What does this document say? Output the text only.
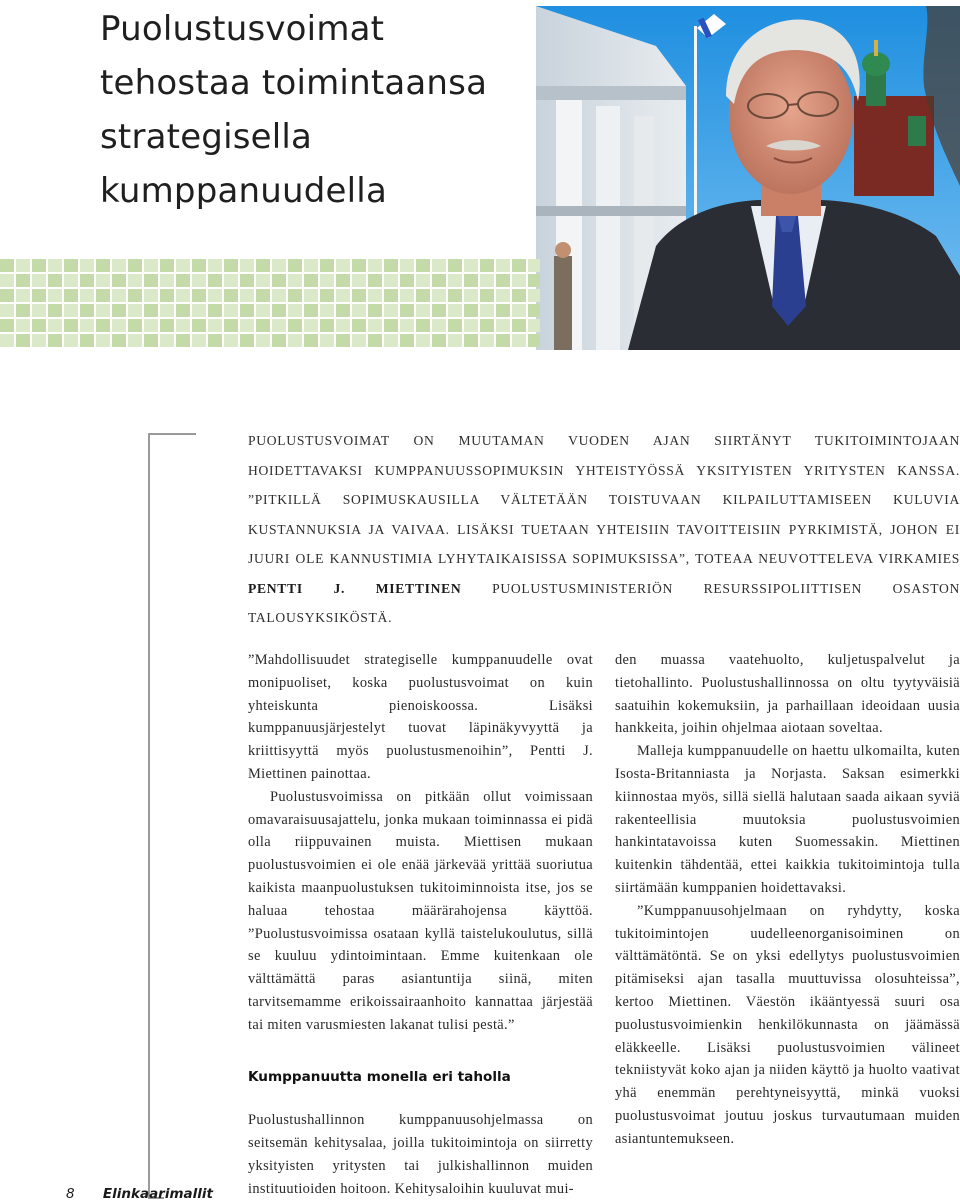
Puolustusvoimat
tehostaa toimintaansa
strategisella
kumppanuudella
PUOLUSTUSVOIMAT ON MUUTAMAN VUODEN AJAN SIIRTÄNYT TUKITOIMINTOJAAN HOIDETTAVAKSI KUMPPANUUSSOPIMUKSIN YHTEISTYÖSSÄ YKSITYISTEN YRITYSTEN KANSSA. ”PITKILLÄ SOPIMUSKAUSILLA VÄLTETÄÄN TOISTUVAAN KILPAILUTTAMISEEN KULUVIA KUSTANNUKSIA JA VAIVAA. LISÄKSI TUETAAN YHTEISIIN TAVOITTEISIIN PYRKIMISTÄ, JOHON EI JUURI OLE KANNUSTIMIA LYHYTAIKAISISSA SOPIMUKSISSA”, TOTEAA NEUVOTTELEVA VIRKAMIES PENTTI J. MIETTINEN PUOLUSTUSMINISTERIÖN RESURSSIPOLIITTISEN OSASTON TALOUSYKSIKÖSTÄ.

”Mahdollisuudet strategiselle kumppanuudelle ovat monipuoliset, koska puolustusvoimat on kuin yhteiskunta pienoiskoossa. Lisäksi kumppanuusjärjestelyt tuovat läpinäkyvyyttä ja kriittisyyttä myös puolustusmenoihin”, Pentti J. Miettinen painottaa.

Puolustusvoimissa on pitkään ollut voimissaan omavaraisuusajattelu, jonka mukaan toiminnassa ei pidä olla riippuvainen muista. Miettisen mukaan puolustusvoimien ei ole enää järkevää yrittää suoriutua kaikista maanpuolustuksen tukitoiminnoista itse, jos se haluaa tehostaa määrärahojensa käyttöä. ”Puolustusvoimissa osataan kyllä taistelukoulutus, sillä se kuuluu ydintoimintaan. Emme kuitenkaan ole välttämättä paras asiantuntija siinä, miten tarvitsemamme erikoissairaanhoito kannattaa järjestää tai miten varusmiesten lakanat tulisi pestä.”

Kumppanuutta monella eri taholla

Puolustushallinnon kumppanuusohjelmassa on seitsemän kehitysalaa, joilla tukitoimintoja on siirretty yksityisten yritysten tai julkishallinnon muiden instituutioiden hoitoon. Kehitysaloihin kuuluvat mui-

den muassa vaatehuolto, kuljetuspalvelut ja tietohallinto. Puolustushallinnossa on oltu tyytyväisiä saatuihin kokemuksiin, ja parhaillaan ideoidaan uusia hankkeita, joihin ohjelmaa aiotaan soveltaa.

Malleja kumppanuudelle on haettu ulkomailta, kuten Isosta-Britanniasta ja Norjasta. Saksan esimerkki kiinnostaa myös, sillä siellä halutaan saada aikaan syviä rakenteellisia muutoksia puolustusvoimien hankintatavoissa kuten Suomessakin. Miettinen kuitenkin tähdentää, ettei kaikkia tukitoimintoja tulla siirtämään kumppanien hoidettavaksi.

”Kumppanuusohjelmaan on ryhdytty, koska tukitoimintojen uudelleenorganisoiminen on välttämätöntä. Se on yksi edellytys puolustusvoimien pitämiseksi ajan tasalla muuttuvissa olosuhteissa”, kertoo Miettinen. Väestön ikääntyessä suuri osa puolustusvoimienkin henkilökunnasta on jäämässä eläkkeelle. Lisäksi puolustusvoimien välineet tekniistyvät koko ajan ja niiden käyttö ja huolto vaativat yhä enemmän perehtyneisyyttä, minkä vuoksi puolustusvoimat joutuu joskus turvautumaan muiden asiantuntemukseen.

8 Elinkaarimallit
